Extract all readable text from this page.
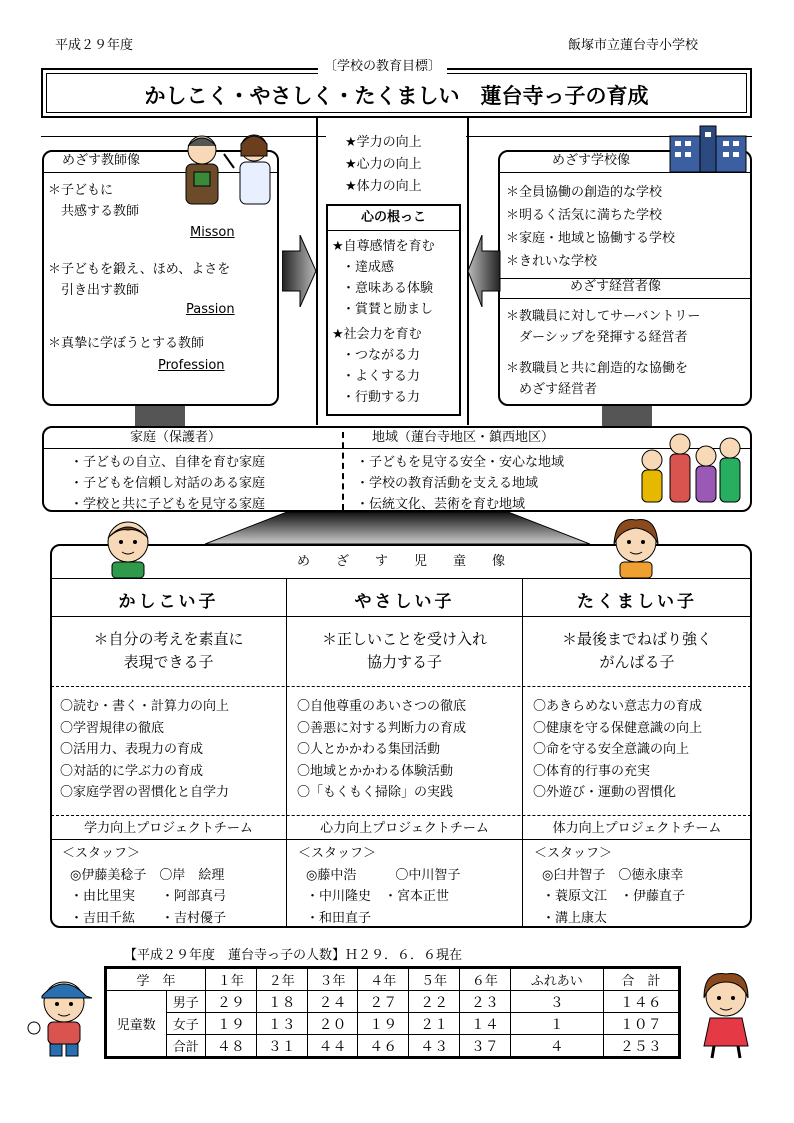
平成２９年度	飯塚市立蓮台寺小学校
〔学校の教育目標〕
かしこく・やさしく・たくましい　蓮台寺っ子の育成
★学力の向上
★心力の向上
★体力の向上
心の根っこ
★自尊感情を育む
・達成感
・意味ある体験
・賞賛と励まし
★社会力を育む
・つながる力
・よくする力
・行動する力
めざす教師像
＊子どもに
　共感する教師
Misson
＊子どもを鍛え、ほめ、よさを
　引き出す教師
Passion
＊真摯に学ぼうとする教師
Profession
めざす学校像
＊全員協働の創造的な学校
＊明るく活気に満ちた学校
＊家庭・地域と協働する学校
＊きれいな学校
めざす経営者像
＊教職員に対してサーバントリー
　ダーシップを発揮する経営者
＊教職員と共に創造的な協働を
　めざす経営者
家庭（保護者）
・子どもの自立、自律を育む家庭
・子どもを信頼し対話のある家庭
・学校と共に子どもを見守る家庭
地域（蓮台寺地区・鎮西地区）
・子どもを見守る安全・安心な地域
・学校の教育活動を支える地域
・伝統文化、芸術を育む地域
め　　ざ　　す　　児　　童　　像
かしこい子
＊自分の考えを素直に
表現できる子
〇読む・書く・計算力の向上
〇学習規律の徹底
〇活用力、表現力の育成
〇対話的に学ぶ力の育成
〇家庭学習の習慣化と自学力
学力向上プロジェクトチーム
＜スタッフ＞
◎伊藤美稔子　〇岸　絵理
・由比里実　　・阿部真弓
・吉田千紘　　・吉村優子
やさしい子
＊正しいことを受け入れ
協力する子
〇自他尊重のあいさつの徹底
〇善悪に対する判断力の育成
〇人とかかわる集団活動
〇地域とかかわる体験活動
〇「もくもく掃除」の実践
心力向上プロジェクトチーム
＜スタッフ＞
◎藤中浩　　　〇中川智子
・中川隆史　・宮本正世
・和田直子
たくましい子
＊最後までねばり強く
がんばる子
〇あきらめない意志力の育成
〇健康を守る保健意識の向上
〇命を守る安全意識の向上
〇体育的行事の充実
〇外遊び・運動の習慣化
体力向上プロジェクトチーム
＜スタッフ＞
◎臼井智子　〇徳永康幸
・蓑原文江　・伊藤直子
・溝上康太
【平成２９年度　蓮台寺っ子の人数】Ｈ２９．６．６現在
学　年		１年	２年	３年	４年	５年	６年	ふれあい	合　計
児童数	男子	２９	１８	２４	２７	２２	２３	３	１４６
	女子	１９	１３	２０	１９	２１	１４	１	１０７
	合計	４８	３１	４４	４６	４３	３７	４	２５３
